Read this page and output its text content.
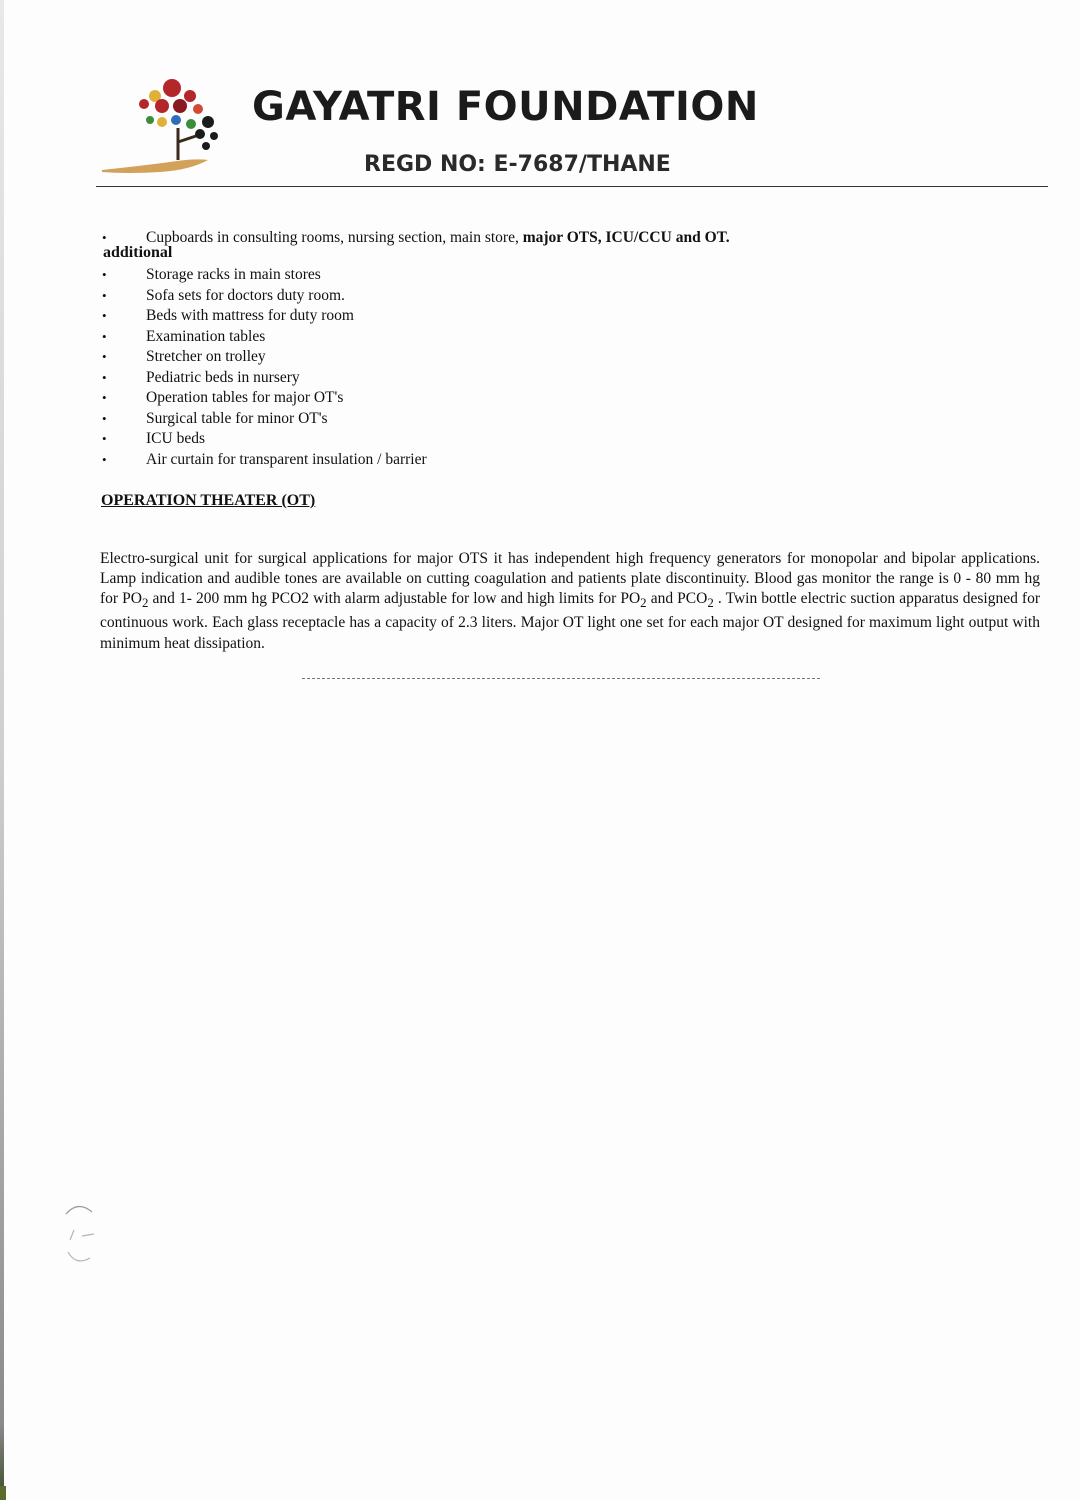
GAYATRI FOUNDATION
REGD NO: E-7687/THANE
• Cupboards in consulting rooms, nursing section, main store, major OTS, ICU/CCU and OT.
additional
• Storage racks in main stores
• Sofa sets for doctors duty room.
• Beds with mattress for duty room
• Examination tables
• Stretcher on trolley
• Pediatric beds in nursery
• Operation tables for major OT's
• Surgical table for minor OT's
• ICU beds
• Air curtain for transparent insulation / barrier
OPERATION THEATER (OT)

Electro-surgical unit for surgical applications for major OTS it has independent high frequency generators for monopolar and bipolar applications. Lamp indication and audible tones are available on cutting coagulation and patients plate discontinuity. Blood gas monitor the range is 0 - 80 mm hg for $PO_2$ and 1- 200 mm hg PCO2 with alarm adjustable for low and high limits for $PO_2$ and $PCO_2$ . Twin bottle electric suction apparatus designed for continuous work. Each glass receptacle has a capacity of 2.3 liters. Major OT light one set for each major OT designed for maximum light output with minimum heat dissipation.
